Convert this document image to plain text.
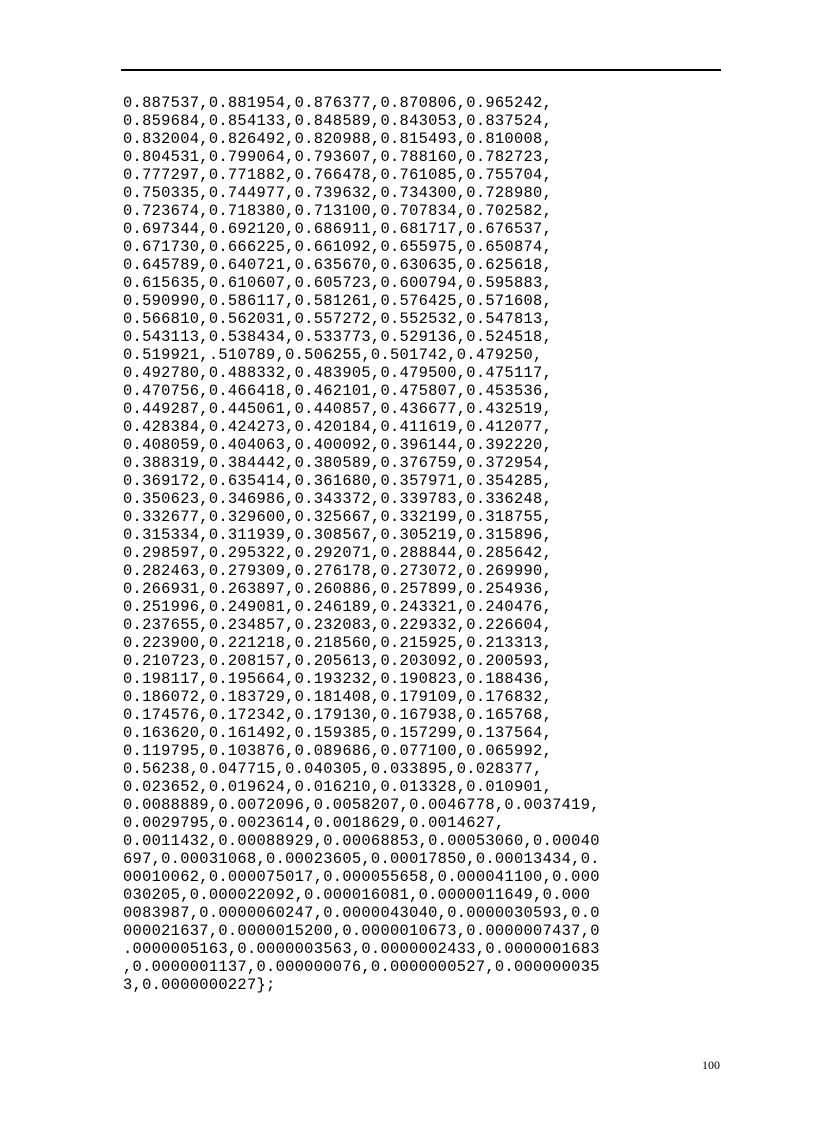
0.887537,0.881954,0.876377,0.870806,0.965242,
0.859684,0.854133,0.848589,0.843053,0.837524,
0.832004,0.826492,0.820988,0.815493,0.810008,
0.804531,0.799064,0.793607,0.788160,0.782723,
0.777297,0.771882,0.766478,0.761085,0.755704,
0.750335,0.744977,0.739632,0.734300,0.728980,
0.723674,0.718380,0.713100,0.707834,0.702582,
0.697344,0.692120,0.686911,0.681717,0.676537,
0.671730,0.666225,0.661092,0.655975,0.650874,
0.645789,0.640721,0.635670,0.630635,0.625618,
0.615635,0.610607,0.605723,0.600794,0.595883,
0.590990,0.586117,0.581261,0.576425,0.571608,
0.566810,0.562031,0.557272,0.552532,0.547813,
0.543113,0.538434,0.533773,0.529136,0.524518,
0.519921,.510789,0.506255,0.501742,0.479250,
0.492780,0.488332,0.483905,0.479500,0.475117,
0.470756,0.466418,0.462101,0.475807,0.453536,
0.449287,0.445061,0.440857,0.436677,0.432519,
0.428384,0.424273,0.420184,0.411619,0.412077,
0.408059,0.404063,0.400092,0.396144,0.392220,
0.388319,0.384442,0.380589,0.376759,0.372954,
0.369172,0.635414,0.361680,0.357971,0.354285,
0.350623,0.346986,0.343372,0.339783,0.336248,
0.332677,0.329600,0.325667,0.332199,0.318755,
0.315334,0.311939,0.308567,0.305219,0.315896,
0.298597,0.295322,0.292071,0.288844,0.285642,
0.282463,0.279309,0.276178,0.273072,0.269990,
0.266931,0.263897,0.260886,0.257899,0.254936,
0.251996,0.249081,0.246189,0.243321,0.240476,
0.237655,0.234857,0.232083,0.229332,0.226604,
0.223900,0.221218,0.218560,0.215925,0.213313,
0.210723,0.208157,0.205613,0.203092,0.200593,
0.198117,0.195664,0.193232,0.190823,0.188436,
0.186072,0.183729,0.181408,0.179109,0.176832,
0.174576,0.172342,0.179130,0.167938,0.165768,
0.163620,0.161492,0.159385,0.157299,0.137564,
0.119795,0.103876,0.089686,0.077100,0.065992,
0.56238,0.047715,0.040305,0.033895,0.028377,
0.023652,0.019624,0.016210,0.013328,0.010901,
0.0088889,0.0072096,0.0058207,0.0046778,0.0037419,
0.0029795,0.0023614,0.0018629,0.0014627,
0.0011432,0.00088929,0.00068853,0.00053060,0.00040
697,0.00031068,0.00023605,0.00017850,0.00013434,0.
00010062,0.000075017,0.000055658,0.000041100,0.000
030205,0.000022092,0.000016081,0.0000011649,0.000
0083987,0.0000060247,0.0000043040,0.0000030593,0.0
000021637,0.0000015200,0.0000010673,0.0000007437,0
.0000005163,0.0000003563,0.0000002433,0.0000001683
,0.0000001137,0.000000076,0.0000000527,0.000000035
3,0.0000000227};
100
